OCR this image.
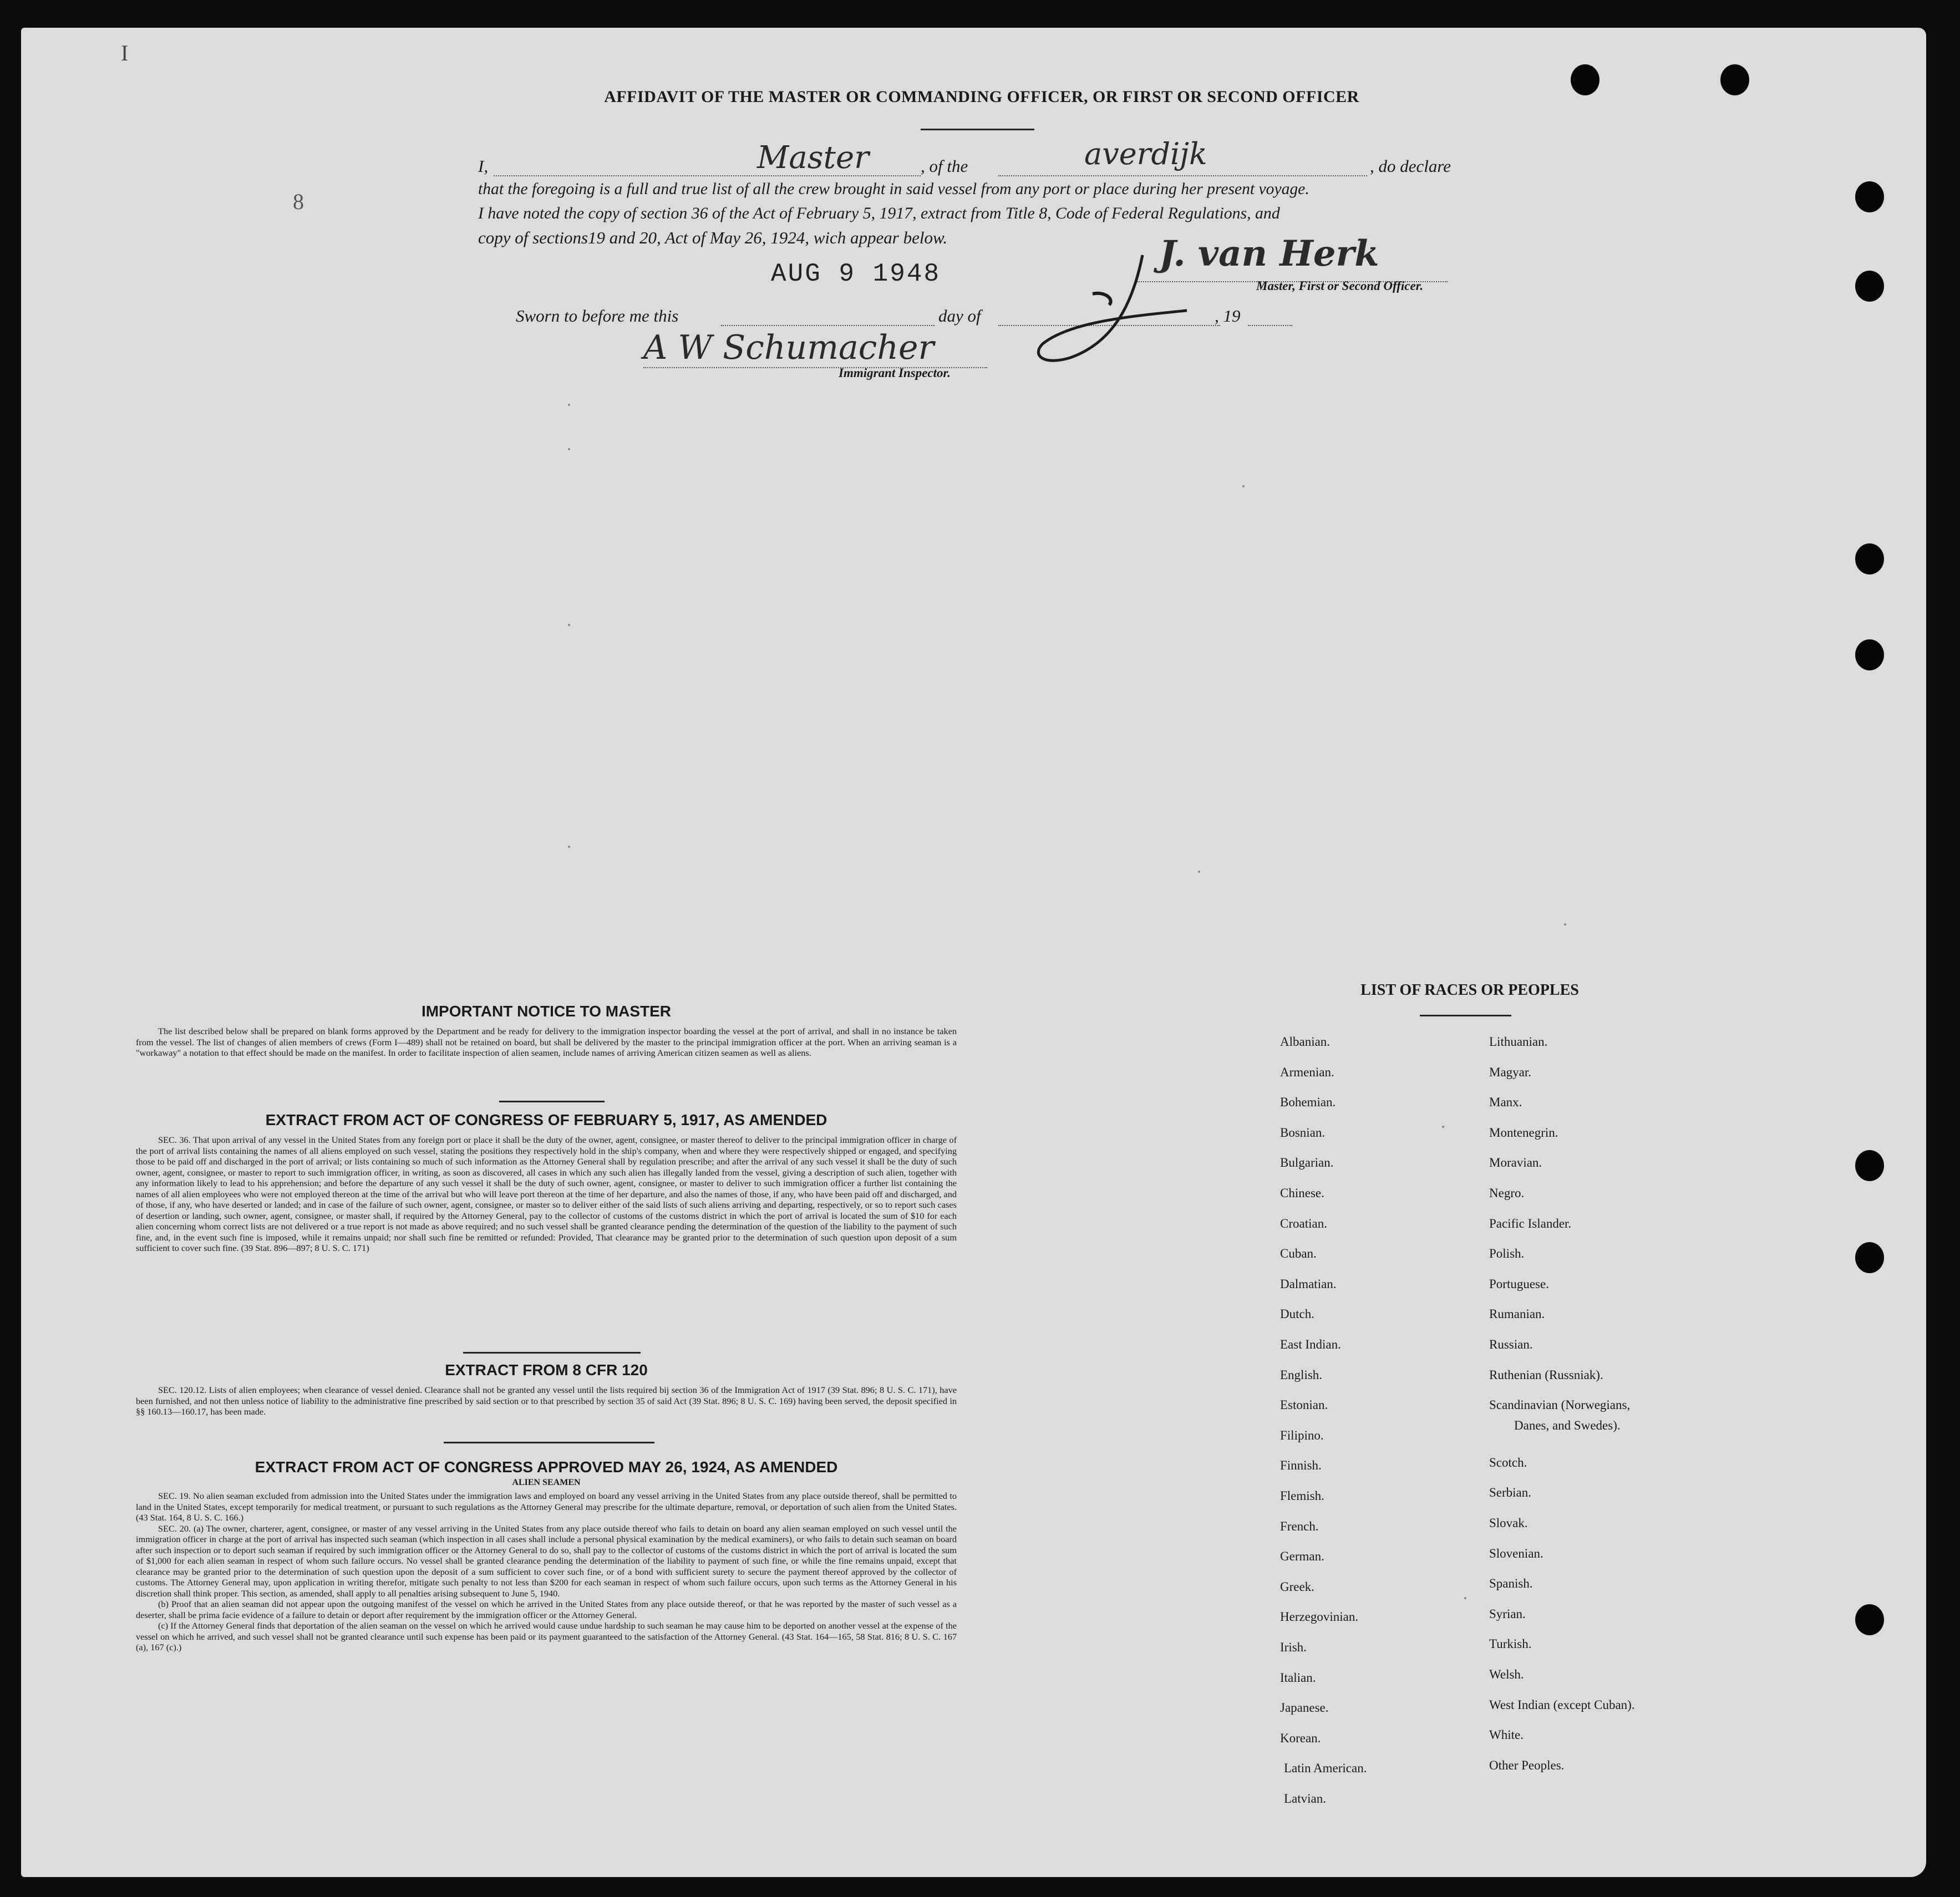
I
8
AFFIDAVIT OF THE MASTER OR COMMANDING OFFICER, OR FIRST OR SECOND OFFICER
I,	Master	, of the	averdijk	, do declare
that the foregoing is a full and true list of all the crew brought in said vessel from any port or place during her present voyage.
I have noted the copy of section 36 of the Act of February 5, 1917, extract from Title 8, Code of Federal Regulations, and
copy of sections19 and 20, Act of May 26, 1924, wich appear below.
AUG 9 1948
Sworn to before me this	day of	, 19
J. van Herk
Master, First or Second Officer.
A W Schumacher
Immigrant Inspector.
IMPORTANT NOTICE TO MASTER

The list described below shall be prepared on blank forms approved by the Department and be ready for delivery to the immigration inspector boarding the vessel at the port of arrival, and shall in no instance be taken from the vessel. The list of changes of alien members of crews (Form I—489) shall not be retained on board, but shall be delivered by the master to the principal immigration officer at the port. When an arriving seaman is a "workaway" a notation to that effect should be made on the manifest. In order to facilitate inspection of alien seamen, include names of arriving American citizen seamen as well as aliens.

EXTRACT FROM ACT OF CONGRESS OF FEBRUARY 5, 1917, AS AMENDED

SEC. 36. That upon arrival of any vessel in the United States from any foreign port or place it shall be the duty of the owner, agent, consignee, or master thereof to deliver to the principal immigration officer in charge of the port of arrival lists containing the names of all aliens employed on such vessel, stating the positions they respectively hold in the ship's company, when and where they were respectively shipped or engaged, and specifying those to be paid off and discharged in the port of arrival; or lists containing so much of such information as the Attorney General shall by regulation prescribe; and after the arrival of any such vessel it shall be the duty of such owner, agent, consignee, or master to report to such immigration officer, in writing, as soon as discovered, all cases in which any such alien has illegally landed from the vessel, giving a description of such alien, together with any information likely to lead to his apprehension; and before the departure of any such vessel it shall be the duty of such owner, agent, consignee, or master to deliver to such immigration officer a further list containing the names of all alien employees who were not employed thereon at the time of the arrival but who will leave port thereon at the time of her departure, and also the names of those, if any, who have been paid off and discharged, and of those, if any, who have deserted or landed; and in case of the failure of such owner, agent, consignee, or master so to deliver either of the said lists of such aliens arriving and departing, respectively, or so to report such cases of desertion or landing, such owner, agent, consignee, or master shall, if required by the Attorney General, pay to the collector of customs of the customs district in which the port of arrival is located the sum of $10 for each alien concerning whom correct lists are not delivered or a true report is not made as above required; and no such vessel shall be granted clearance pending the determination of the question of the liability to the payment of such fine, and, in the event such fine is imposed, while it remains unpaid; nor shall such fine be remitted or refunded: Provided, That clearance may be granted prior to the determination of such question upon deposit of a sum sufficient to cover such fine. (39 Stat. 896—897; 8 U. S. C. 171)

EXTRACT FROM 8 CFR 120

SEC. 120.12. Lists of alien employees; when clearance of vessel denied. Clearance shall not be granted any vessel until the lists required bij section 36 of the Immigration Act of 1917 (39 Stat. 896; 8 U. S. C. 171), have been furnished, and not then unless notice of liability to the administrative fine prescribed by said section or to that prescribed by section 35 of said Act (39 Stat. 896; 8 U. S. C. 169) having been served, the deposit specified in §§ 160.13—160.17, has been made.

EXTRACT FROM ACT OF CONGRESS APPROVED MAY 26, 1924, AS AMENDED
ALIEN SEAMEN

SEC. 19. No alien seaman excluded from admission into the United States under the immigration laws and employed on board any vessel arriving in the United States from any place outside thereof, shall be permitted to land in the United States, except temporarily for medical treatment, or pursuant to such regulations as the Attorney General may prescribe for the ultimate departure, removal, or deportation of such alien from the United States. (43 Stat. 164, 8 U. S. C. 166.)

SEC. 20. (a) The owner, charterer, agent, consignee, or master of any vessel arriving in the United States from any place outside thereof who fails to detain on board any alien seaman employed on such vessel until the immigration officer in charge at the port of arrival has inspected such seaman (which inspection in all cases shall include a personal physical examination by the medical examiners), or who fails to detain such seaman on board after such inspection or to deport such seaman if required by such immigration officer or the Attorney General to do so, shall pay to the collector of customs of the customs district in which the port of arrival is located the sum of $1,000 for each alien seaman in respect of whom such failure occurs. No vessel shall be granted clearance pending the determination of the liability to payment of such fine, or while the fine remains unpaid, except that clearance may be granted prior to the determination of such question upon the deposit of a sum sufficient to cover such fine, or of a bond with sufficient surety to secure the payment thereof approved by the collector of customs. The Attorney General may, upon application in writing therefor, mitigate such penalty to not less than $200 for each seaman in respect of whom such failure occurs, upon such terms as the Attorney General in his discretion shall think proper. This section, as amended, shall apply to all penalties arising subsequent to June 5, 1940.

(b) Proof that an alien seaman did not appear upon the outgoing manifest of the vessel on which he arrived in the United States from any place outside thereof, or that he was reported by the master of such vessel as a deserter, shall be prima facie evidence of a failure to detain or deport after requirement by the immigration officer or the Attorney General.

(c) If the Attorney General finds that deportation of the alien seaman on the vessel on which he arrived would cause undue hardship to such seaman he may cause him to be deported on another vessel at the expense of the vessel on which he arrived, and such vessel shall not be granted clearance until such expense has been paid or its payment guaranteed to the satisfaction of the Attorney General. (43 Stat. 164—165, 58 Stat. 816; 8 U. S. C. 167 (a), 167 (c).)

LIST OF RACES OR PEOPLES
Albanian.
Armenian.
Bohemian.
Bosnian.
Bulgarian.
Chinese.
Croatian.
Cuban.
Dalmatian.
Dutch.
East Indian.
English.
Estonian.
Filipino.
Finnish.
Flemish.
French.
German.
Greek.
Herzegovinian.
Irish.
Italian.
Japanese.
Korean.
Latin American.
Latvian.
Lithuanian.
Magyar.
Manx.
Montenegrin.
Moravian.
Negro.
Pacific Islander.
Polish.
Portuguese.
Rumanian.
Russian.
Ruthenian (Russniak).
Scandinavian (Norwegians,
Danes, and Swedes).
Scotch.
Serbian.
Slovak.
Slovenian.
Spanish.
Syrian.
Turkish.
Welsh.
West Indian (except Cuban).
White.
Other Peoples.
